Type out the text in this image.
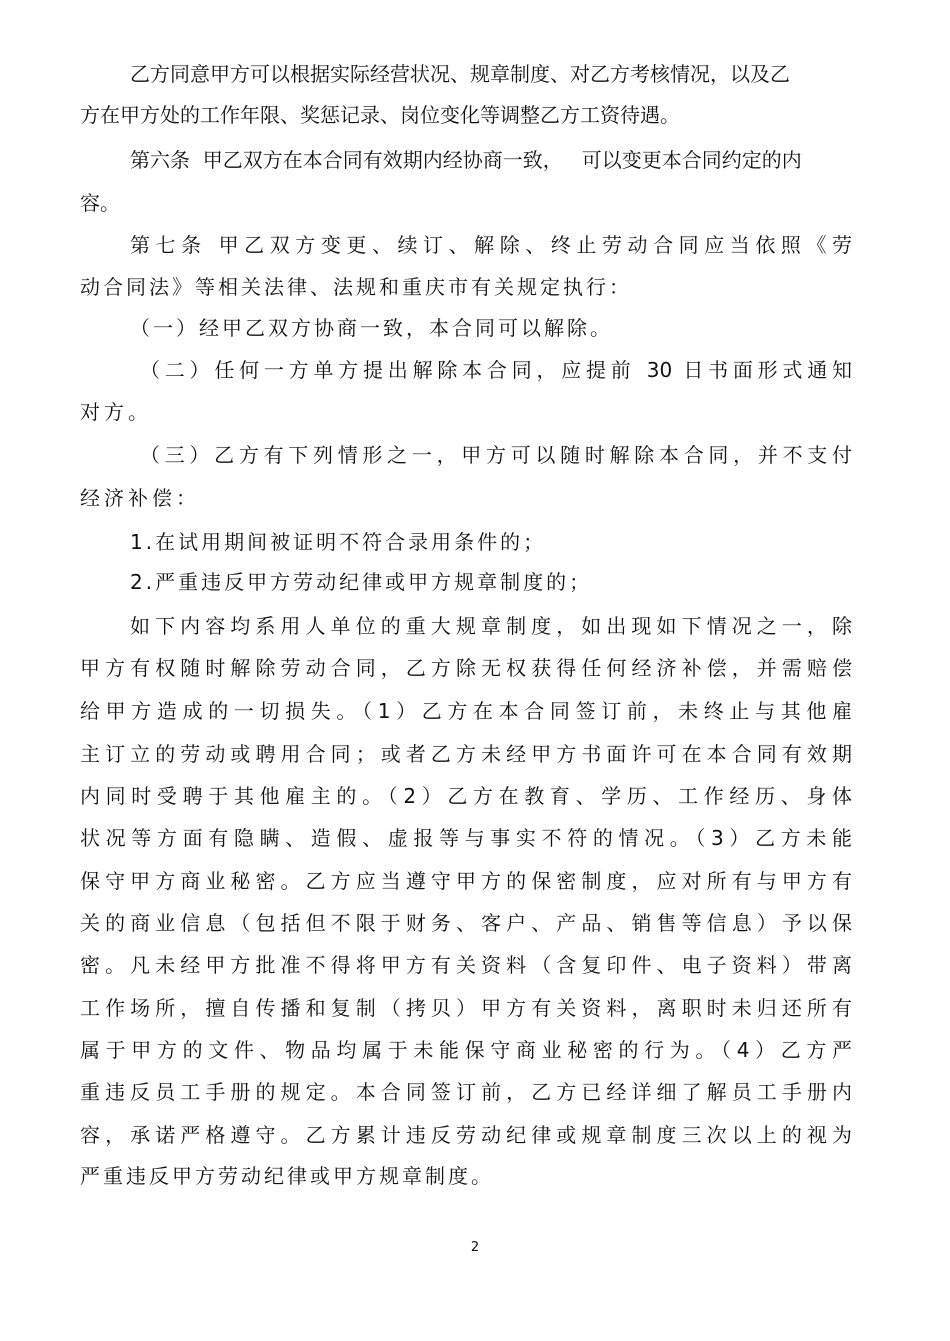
乙方同意甲方可以根据实际经营状况、规章制度、对乙方考核情况，以及乙
方在甲方处的工作年限、奖惩记录、岗位变化等调整乙方工资待遇。
第六条  甲乙双方在本合同有效期内经协商一致，   可以变更本合同约定的内
容。
第七条 甲乙双方变更、续订、解除、终止劳动合同应当依照《劳
动合同法》等相关法律、法规和重庆市有关规定执行：
（一）经甲乙双方协商一致，本合同可以解除。
（二）任何一方单方提出解除本合同，应提前 30 日书面形式通知
对方。
（三）乙方有下列情形之一，甲方可以随时解除本合同，并不支付
经济补偿：
1.在试用期间被证明不符合录用条件的；
2.严重违反甲方劳动纪律或甲方规章制度的；
如下内容均系用人单位的重大规章制度，如出现如下情况之一，除
甲方有权随时解除劳动合同，乙方除无权获得任何经济补偿，并需赔偿
给甲方造成的一切损失。（1）乙方在本合同签订前，未终止与其他雇
主订立的劳动或聘用合同；或者乙方未经甲方书面许可在本合同有效期
内同时受聘于其他雇主的。（2）乙方在教育、学历、工作经历、身体
状况等方面有隐瞒、造假、虚报等与事实不符的情况。（3）乙方未能
保守甲方商业秘密。乙方应当遵守甲方的保密制度，应对所有与甲方有
关的商业信息（包括但不限于财务、客户、产品、销售等信息）予以保
密。凡未经甲方批准不得将甲方有关资料（含复印件、电子资料）带离
工作场所，擅自传播和复制（拷贝）甲方有关资料，离职时未归还所有
属于甲方的文件、物品均属于未能保守商业秘密的行为。（4）乙方严
重违反员工手册的规定。本合同签订前，乙方已经详细了解员工手册内
容，承诺严格遵守。乙方累计违反劳动纪律或规章制度三次以上的视为
严重违反甲方劳动纪律或甲方规章制度。
2
